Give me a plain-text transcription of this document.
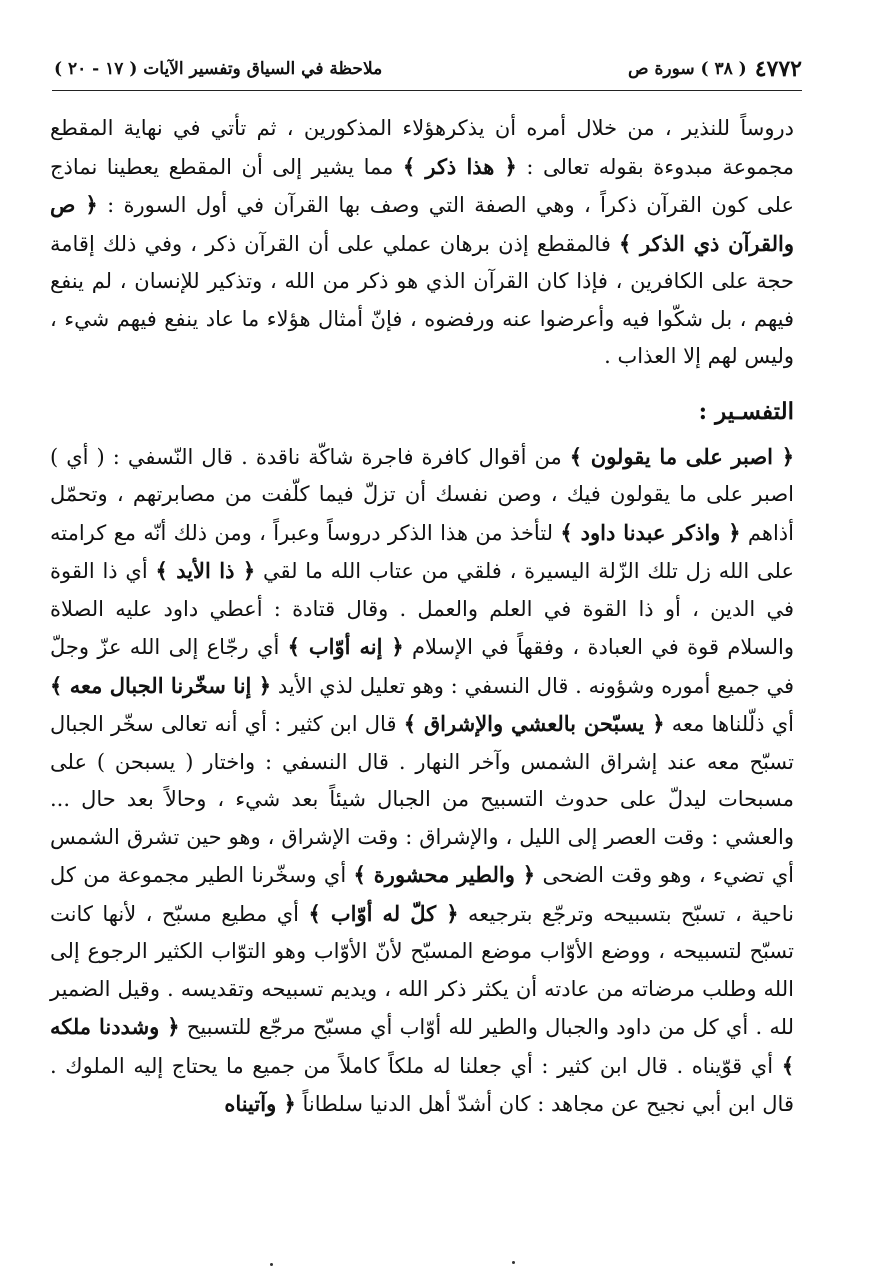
٤٧٧٢
( ٣٨ ) سورة ص
ملاحظة في السياق وتفسير الآيات ( ١٧ - ٢٠ )

دروساً للنذير ، من خلال أمره أن يذكرهؤلاء المذكورين ، ثم تأتي في نهاية المقطع مجموعة مبدوءة بقوله تعالى : ﴿ هذا ذكر ﴾ مما يشير إلى أن المقطع يعطينا نماذج على كون القرآن ذكراً ، وهي الصفة التي وصف بها القرآن في أول السورة : ﴿ ص والقرآن ذي الذكر ﴾ فالمقطع إذن برهان عملي على أن القرآن ذكر ، وفي ذلك إقامة حجة على الكافرين ، فإذا كان القرآن الذي هو ذكر من الله ، وتذكير للإنسان ، لم ينفع فيهم ، بل شكّوا فيه وأعرضوا عنه ورفضوه ، فإنّ أمثال هؤلاء ما عاد ينفع فيهم شيء ، وليس لهم إلا العذاب .

التفسـير :

﴿ اصبر على ما يقولون ﴾ من أقوال كافرة فاجرة شاكّة ناقدة . قال النّسفي : ( أي ) اصبر على ما يقولون فيك ، وصن نفسك أن تزلّ فيما كلّفت من مصابرتهم ، وتحمّل أذاهم ﴿ واذكر عبدنا داود ﴾ لتأخذ من هذا الذكر دروساً وعبراً ، ومن ذلك أنّه مع كرامته على الله زل تلك الزّلة اليسيرة ، فلقي من عتاب الله ما لقي ﴿ ذا الأيد ﴾ أي ذا القوة في الدين ، أو ذا القوة في العلم والعمل . وقال قتادة : أعطي داود عليه الصلاة والسلام قوة في العبادة ، وفقهاً في الإسلام ﴿ إنه أوّاب ﴾ أي رجّاع إلى الله عزّ وجلّ في جميع أموره وشؤونه . قال النسفي : وهو تعليل لذي الأيد ﴿ إنا سخّرنا الجبال معه ﴾ أي ذلّلناها معه ﴿ يسبّحن بالعشي والإشراق ﴾ قال ابن كثير : أي أنه تعالى سخّر الجبال تسبّح معه عند إشراق الشمس وآخر النهار . قال النسفي : واختار ( يسبحن ) على مسبحات ليدلّ على حدوث التسبيح من الجبال شيئاً بعد شيء ، وحالاً بعد حال ... والعشي : وقت العصر إلى الليل ، والإشراق : وقت الإشراق ، وهو حين تشرق الشمس أي تضيء ، وهو وقت الضحى ﴿ والطير محشورة ﴾ أي وسخّرنا الطير مجموعة من كل ناحية ، تسبّح بتسبيحه وترجّع بترجيعه ﴿ كلّ له أوّاب ﴾ أي مطيع مسبّح ، لأنها كانت تسبّح لتسبيحه ، ووضع الأوّاب موضع المسبّح لأنّ الأوّاب وهو التوّاب الكثير الرجوع إلى الله وطلب مرضاته من عادته أن يكثر ذكر الله ، ويديم تسبيحه وتقديسه . وقيل الضمير لله . أي كل من داود والجبال والطير لله أوّاب أي مسبّح مرجّع للتسبيح ﴿ وشددنا ملكه ﴾ أي قوّيناه . قال ابن كثير : أي جعلنا له ملكاً كاملاً من جميع ما يحتاج إليه الملوك . قال ابن أبي نجيح عن مجاهد : كان أشدّ أهل الدنيا سلطاناً ﴿ وآتيناه
